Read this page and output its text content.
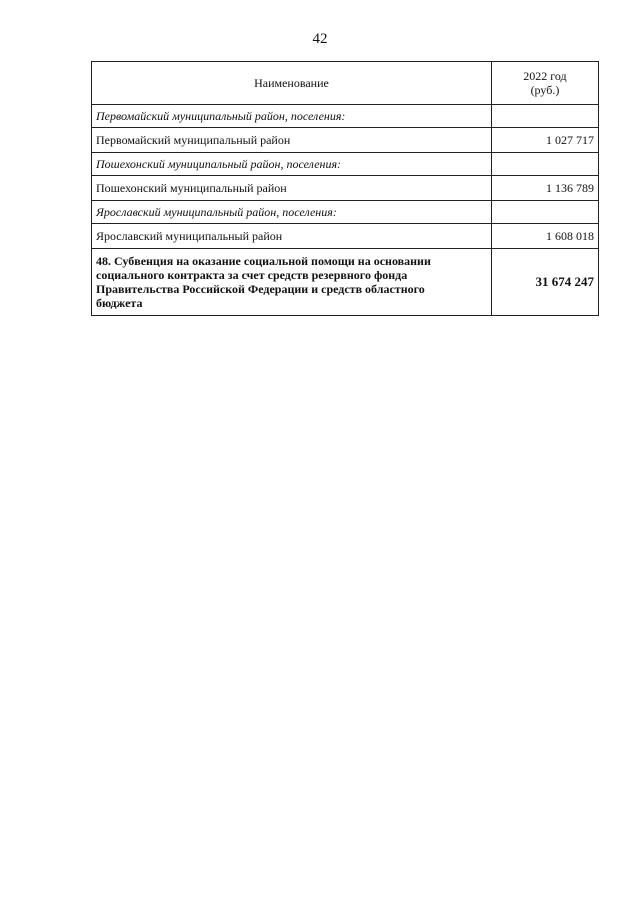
42
Наименование	2022 год
(руб.)

Первомайский муниципальный район, поселения:	
Первомайский муниципальный район	1 027 717
Пошехонский муниципальный район, поселения:	
Пошехонский муниципальный район	1 136 789
Ярославский муниципальный район, поселения:	
Ярославский муниципальный район	1 608 018

48. Субвенция на оказание социальной помощи на основании
социального контракта за счет средств резервного фонда
Правительства Российской Федерации и средств областного
бюджета	31 674 247
